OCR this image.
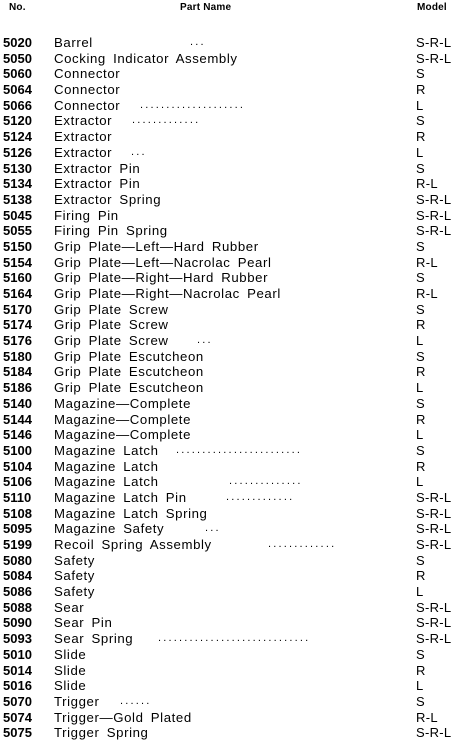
No.	Part Name	Model
5020 Barrel	...	S-R-L
5050 Cocking Indicator Assembly	S-R-L
5060 Connector	S
5064 Connector	R
5066 Connector ....................	L
5120 Extractor .............	S
5124 Extractor	R
5126 Extractor ...	L
5130 Extractor Pin	S
5134 Extractor Pin	R-L
5138 Extractor Spring	S-R-L
5045 Firing Pin	S-R-L
5055 Firing Pin Spring	S-R-L
5150 Grip Plate—Left—Hard Rubber	S
5154 Grip Plate—Left—Nacrolac Pearl	R-L
5160 Grip Plate—Right—Hard Rubber	S
5164 Grip Plate—Right—Nacrolac Pearl	R-L
5170 Grip Plate Screw	S
5174 Grip Plate Screw	R
5176 Grip Plate Screw	...	L
5180 Grip Plate Escutcheon	S
5184 Grip Plate Escutcheon	R
5186 Grip Plate Escutcheon	L
5140 Magazine—Complete	S
5144 Magazine—Complete	R
5146 Magazine—Complete	L
5100 Magazine Latch ........................	S
5104 Magazine Latch	R
5106 Magazine Latch	..............	L
5110 Magazine Latch Pin	.............	S-R-L
5108 Magazine Latch Spring	S-R-L
5095 Magazine Safety	...	S-R-L
5199 Recoil Spring Assembly	.............	S-R-L
5080 Safety	S
5084 Safety	R
5086 Safety	L
5088 Sear	S-R-L
5090 Sear Pin	S-R-L
5093 Sear Spring .............................	S-R-L
5010 Slide	S
5014 Slide	R
5016 Slide	L
5070 Trigger ......	S
5074 Trigger—Gold Plated	R-L
5075 Trigger Spring	S-R-L
